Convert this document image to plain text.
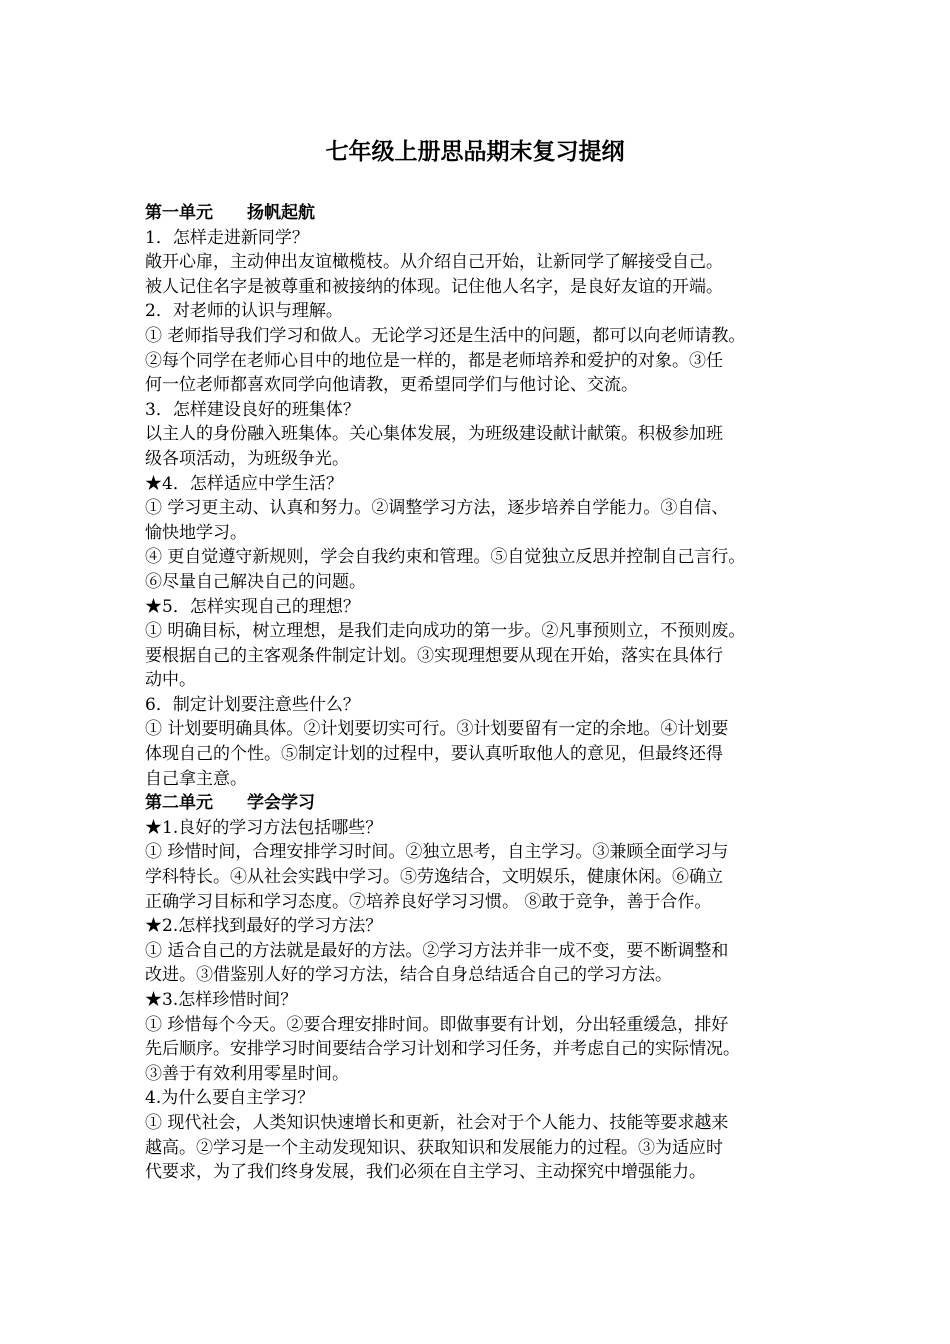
七年级上册思品期末复习提纲
第一单元　　扬帆起航
1．怎样走进新同学？
敞开心扉，主动伸出友谊橄榄枝。从介绍自己开始，让新同学了解接受自己。
被人记住名字是被尊重和被接纳的体现。记住他人名字，是良好友谊的开端。
2．对老师的认识与理解。
① 老师指导我们学习和做人。无论学习还是生活中的问题，都可以向老师请教。
②每个同学在老师心目中的地位是一样的，都是老师培养和爱护的对象。③任
何一位老师都喜欢同学向他请教，更希望同学们与他讨论、交流。
3．怎样建设良好的班集体？
以主人的身份融入班集体。关心集体发展，为班级建设献计献策。积极参加班
级各项活动，为班级争光。
★4．怎样适应中学生活？
① 学习更主动、认真和努力。②调整学习方法，逐步培养自学能力。③自信、
愉快地学习。
④ 更自觉遵守新规则，学会自我约束和管理。⑤自觉独立反思并控制自己言行。
⑥尽量自己解决自己的问题。
★5．怎样实现自己的理想？
① 明确目标，树立理想，是我们走向成功的第一步。②凡事预则立，不预则废。
要根据自己的主客观条件制定计划。③实现理想要从现在开始，落实在具体行
动中。
6．制定计划要注意些什么？
① 计划要明确具体。②计划要切实可行。③计划要留有一定的余地。④计划要
体现自己的个性。⑤制定计划的过程中，要认真听取他人的意见，但最终还得
自己拿主意。
第二单元　　学会学习
★1.良好的学习方法包括哪些？
① 珍惜时间，合理安排学习时间。②独立思考，自主学习。③兼顾全面学习与
学科特长。④从社会实践中学习。⑤劳逸结合，文明娱乐，健康休闲。⑥确立
正确学习目标和学习态度。⑦培养良好学习习惯。 ⑧敢于竞争，善于合作。
★2.怎样找到最好的学习方法？
① 适合自己的方法就是最好的方法。②学习方法并非一成不变，要不断调整和
改进。③借鉴别人好的学习方法，结合自身总结适合自己的学习方法。
★3.怎样珍惜时间？
① 珍惜每个今天。②要合理安排时间。即做事要有计划，分出轻重缓急，排好
先后顺序。安排学习时间要结合学习计划和学习任务，并考虑自己的实际情况。
③善于有效利用零星时间。
4.为什么要自主学习？
① 现代社会，人类知识快速增长和更新，社会对于个人能力、技能等要求越来
越高。②学习是一个主动发现知识、获取知识和发展能力的过程。③为适应时
代要求，为了我们终身发展，我们必须在自主学习、主动探究中增强能力。
